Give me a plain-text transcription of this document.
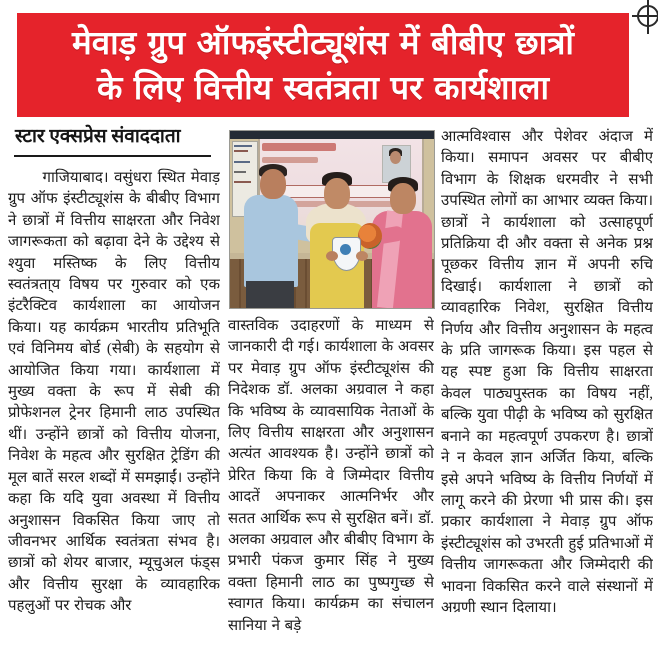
मेवाड़ ग्रुप ऑफइंस्टीट्यूशंस में बीबीए छात्रों
के लिए वित्तीय स्वतंत्रता पर कार्यशाला
स्टार एक्सप्रेस संवाददाता
गाजियाबाद। वसुंधरा स्थित मेवाड़ ग्रुप ऑफ इंस्टीट्यूशंस के बीबीए विभाग ने छात्रों में वित्तीय साक्षरता और निवेश जागरूकता को बढ़ावा देने के उद्देश्य से श्युवा मस्तिष्क के लिए वित्तीय स्वतंत्रता्य विषय पर गुरुवार को एक इंटरैक्टिव कार्यशाला का आयोजन किया। यह कार्यक्रम भारतीय प्रतिभूति एवं विनिमय बोर्ड (सेबी) के सहयोग से आयोजित किया गया। कार्यशाला में मुख्य वक्ता के रूप में सेबी की प्रोफेशनल ट्रेनर हिमानी लाठ उपस्थित थीं। उन्होंने छात्रों को वित्तीय योजना, निवेश के महत्व और सुरक्षित ट्रेडिंग की मूल बातें सरल शब्दों में समझाईं। उन्होंने कहा कि यदि युवा अवस्था में वित्तीय अनुशासन विकसित किया जाए तो जीवनभर आर्थिक स्वतंत्रता संभव है। छात्रों को शेयर बाजार, म्यूचुअल फंड्स और वित्तीय सुरक्षा के व्यावहारिक पहलुओं पर रोचक और
वास्तविक उदाहरणों के माध्यम से जानकारी दी गई। कार्यशाला के अवसर पर मेवाड़ ग्रुप ऑफ इंस्टीट्यूशंस की निदेशक डॉ. अलका अग्रवाल ने कहा कि भविष्य के व्यावसायिक नेताओं के लिए वित्तीय साक्षरता और अनुशासन अत्यंत आवश्यक है। उन्होंने छात्रों को प्रेरित किया कि वे जिम्मेदार वित्तीय आदतें अपनाकर आत्मनिर्भर और सतत आर्थिक रूप से सुरक्षित बनें। डॉ. अलका अग्रवाल और बीबीए विभाग के प्रभारी पंकज कुमार सिंह ने मुख्य वक्ता हिमानी लाठ का पुष्पगुच्छ से स्वागत किया। कार्यक्रम का संचालन सानिया ने बड़े
आत्मविश्वास और पेशेवर अंदाज में किया। समापन अवसर पर बीबीए विभाग के शिक्षक धरमवीर ने सभी उपस्थित लोगों का आभार व्यक्त किया। छात्रों ने कार्यशाला को उत्साहपूर्ण प्रतिक्रिया दी और वक्ता से अनेक प्रश्न पूछकर वित्तीय ज्ञान में अपनी रुचि दिखाई। कार्यशाला ने छात्रों को व्यावहारिक निवेश, सुरक्षित वित्तीय निर्णय और वित्तीय अनुशासन के महत्व के प्रति जागरूक किया। इस पहल से यह स्पष्ट हुआ कि वित्तीय साक्षरता केवल पाठ्यपुस्तक का विषय नहीं, बल्कि युवा पीढ़ी के भविष्य को सुरक्षित बनाने का महत्वपूर्ण उपकरण है। छात्रों ने न केवल ज्ञान अर्जित किया, बल्कि इसे अपने भविष्य के वित्तीय निर्णयों में लागू करने की प्रेरणा भी प्रास की। इस प्रकार कार्यशाला ने मेवाड़ ग्रुप ऑफ इंस्टीट्यूशंस को उभरती हुई प्रतिभाओं में वित्तीय जागरूकता और जिम्मेदारी की भावना विकसित करने वाले संस्थानों में अग्रणी स्थान दिलाया।
